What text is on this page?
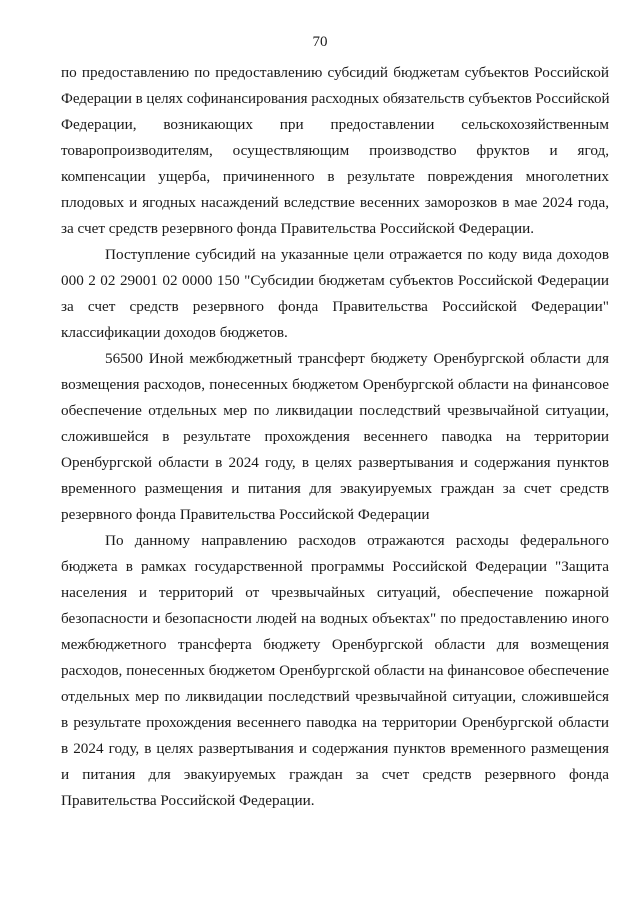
70
по предоставлению по предоставлению субсидий бюджетам субъектов Российской
Федерации в целях софинансирования расходных обязательств субъектов Российской
Федерации, возникающих при предоставлении сельскохозяйственным
товаропроизводителям, осуществляющим производство фруктов и ягод,
компенсации ущерба, причиненного в результате повреждения многолетних
плодовых и ягодных насаждений вследствие весенних заморозков в мае 2024 года,
за счет средств резервного фонда Правительства Российской Федерации.
Поступление субсидий на указанные цели отражается по коду вида доходов
000 2 02 29001 02 0000 150 "Субсидии бюджетам субъектов Российской Федерации
за счет средств резервного фонда Правительства Российской Федерации"
классификации доходов бюджетов.
56500 Иной межбюджетный трансферт бюджету Оренбургской области для
возмещения расходов, понесенных бюджетом Оренбургской области на финансовое
обеспечение отдельных мер по ликвидации последствий чрезвычайной ситуации,
сложившейся в результате прохождения весеннего паводка на территории
Оренбургской области в 2024 году, в целях развертывания и содержания пунктов
временного размещения и питания для эвакуируемых граждан за счет средств
резервного фонда Правительства Российской Федерации
По данному направлению расходов отражаются расходы федерального
бюджета в рамках государственной программы Российской Федерации "Защита
населения и территорий от чрезвычайных ситуаций, обеспечение пожарной
безопасности и безопасности людей на водных объектах" по предоставлению иного
межбюджетного трансферта бюджету Оренбургской области для возмещения
расходов, понесенных бюджетом Оренбургской области на финансовое обеспечение
отдельных мер по ликвидации последствий чрезвычайной ситуации, сложившейся
в результате прохождения весеннего паводка на территории Оренбургской области
в 2024 году, в целях развертывания и содержания пунктов временного размещения
и питания для эвакуируемых граждан за счет средств резервного фонда
Правительства Российской Федерации.
